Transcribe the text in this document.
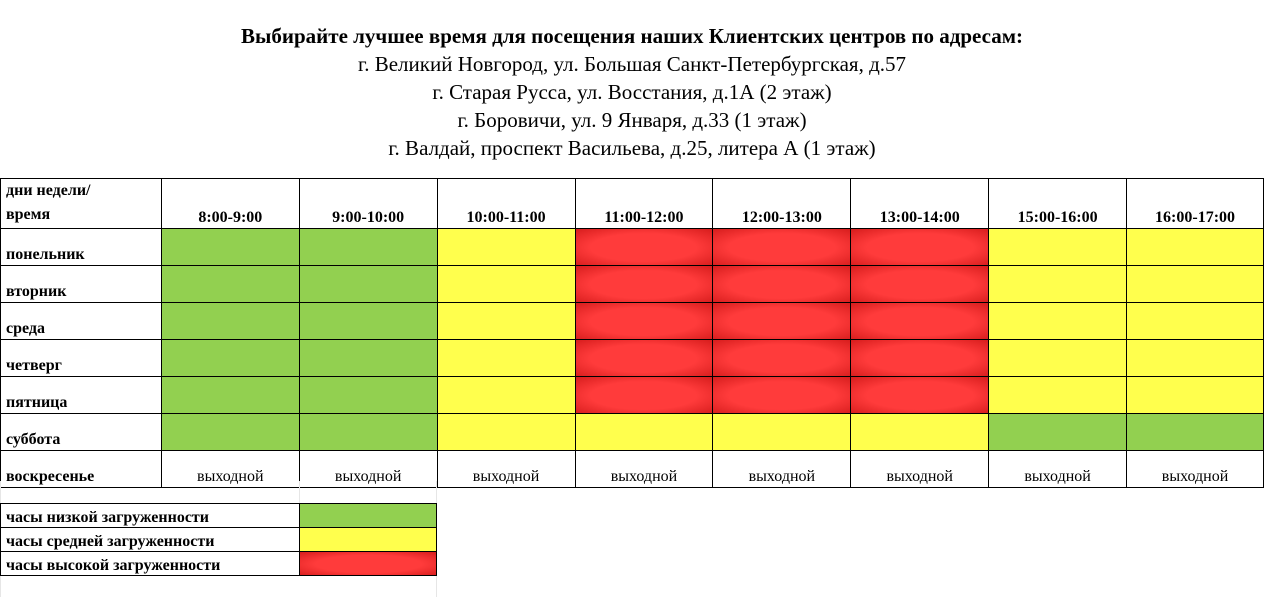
Выбирайте лучшее время для посещения наших Клиентских центров по адресам:
г. Великий Новгород, ул. Большая Санкт-Петербургская, д.57
г. Старая Русса, ул. Восстания, д.1А (2 этаж)
г. Боровичи, ул. 9 Января, д.33 (1 этаж)
г. Валдай, проспект Васильева, д.25, литера А (1 этаж)
дни недели/
время	8:00-9:00	9:00-10:00	10:00-11:00	11:00-12:00	12:00-13:00	13:00-14:00	15:00-16:00	16:00-17:00
понельник								
вторник								
среда								
четверг								
пятница								
суббота								
воскресенье	выходной	выходной	выходной	выходной	выходной	выходной	выходной	выходной
часы низкой загруженности	
часы средней загруженности	
часы высокой загруженности	
